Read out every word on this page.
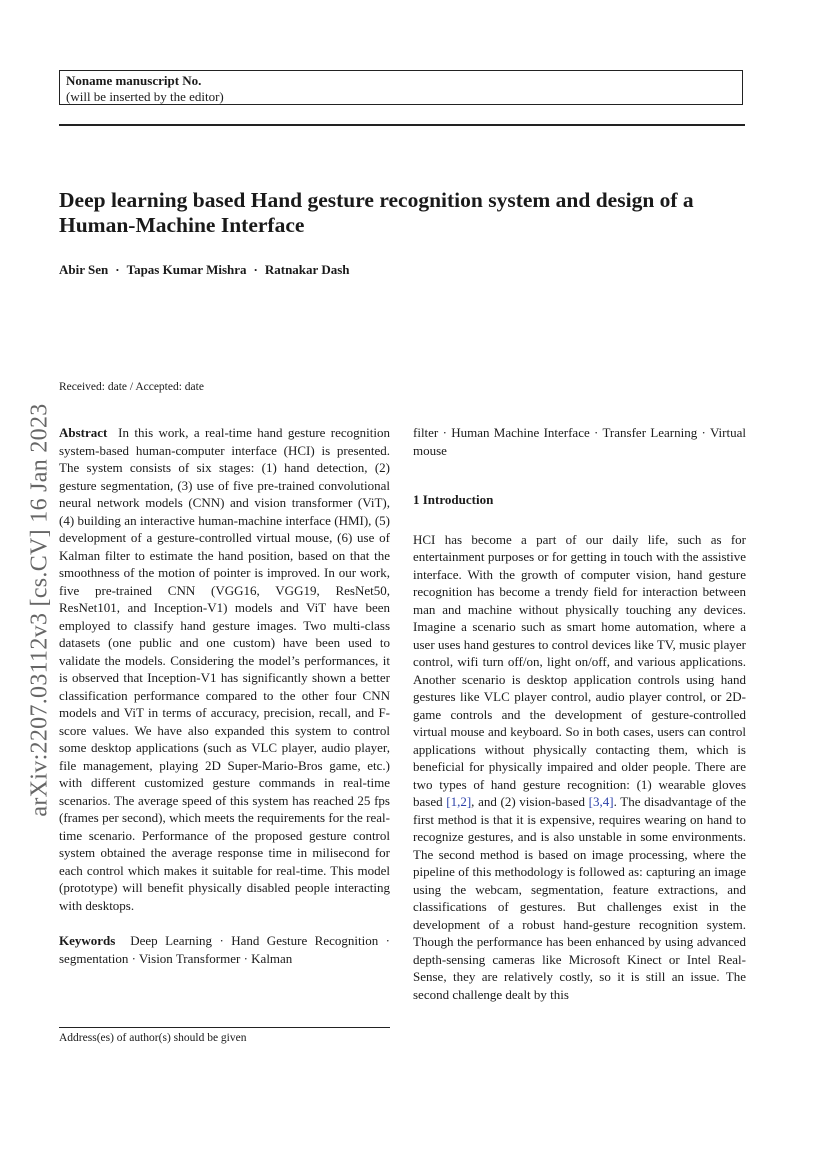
Noname manuscript No.
(will be inserted by the editor)
Deep learning based Hand gesture recognition system and design of a Human-Machine Interface
Abir Sen · Tapas Kumar Mishra · Ratnakar Dash
Received: date / Accepted: date

Abstract In this work, a real-time hand gesture recognition system-based human-computer interface (HCI) is presented. The system consists of six stages: (1) hand detection, (2) gesture segmentation, (3) use of five pre-trained convolutional neural network models (CNN) and vision transformer (ViT), (4) building an interactive human-machine interface (HMI), (5) development of a gesture-controlled virtual mouse, (6) use of Kalman filter to estimate the hand position, based on that the smoothness of the motion of pointer is improved. In our work, five pre-trained CNN (VGG16, VGG19, ResNet50, ResNet101, and Inception-V1) models and ViT have been employed to classify hand gesture images. Two multi-class datasets (one public and one custom) have been used to validate the models. Considering the model’s performances, it is observed that Inception-V1 has significantly shown a better classification performance compared to the other four CNN models and ViT in terms of accuracy, precision, recall, and F-score values. We have also expanded this system to control some desktop applications (such as VLC player, audio player, file management, playing 2D Super-Mario-Bros game, etc.) with different customized gesture commands in real-time scenarios. The average speed of this system has reached 25 fps (frames per second), which meets the requirements for the real-time scenario. Performance of the proposed gesture control system obtained the average response time in milisecond for each control which makes it suitable for real-time. This model (prototype) will benefit physically disabled people interacting with desktops.

Keywords Deep Learning · Hand Gesture Recognition · segmentation · Vision Transformer · Kalman

Address(es) of author(s) should be given

filter · Human Machine Interface · Transfer Learning · Virtual mouse

1 Introduction

HCI has become a part of our daily life, such as for entertainment purposes or for getting in touch with the assistive interface. With the growth of computer vision, hand gesture recognition has become a trendy field for interaction between man and machine without physically touching any devices. Imagine a scenario such as smart home automation, where a user uses hand gestures to control devices like TV, music player control, wifi turn off/on, light on/off, and various applications. Another scenario is desktop application controls using hand gestures like VLC player control, audio player control, or 2D-game controls and the development of gesture-controlled virtual mouse and keyboard. So in both cases, users can control applications without physically contacting them, which is beneficial for physically impaired and older people. There are two types of hand gesture recognition: (1) wearable gloves based [1,2], and (2) vision-based [3,4]. The disadvantage of the first method is that it is expensive, requires wearing on hand to recognize gestures, and is also unstable in some environments. The second method is based on image processing, where the pipeline of this methodology is followed as: capturing an image using the webcam, segmentation, feature extractions, and classifications of gestures. But challenges exist in the development of a robust hand-gesture recognition system. Though the performance has been enhanced by using advanced depth-sensing cameras like Microsoft Kinect or Intel Real-Sense, they are relatively costly, so it is still an issue. The second challenge dealt by this

arXiv:2207.03112v3 [cs.CV] 16 Jan 2023
